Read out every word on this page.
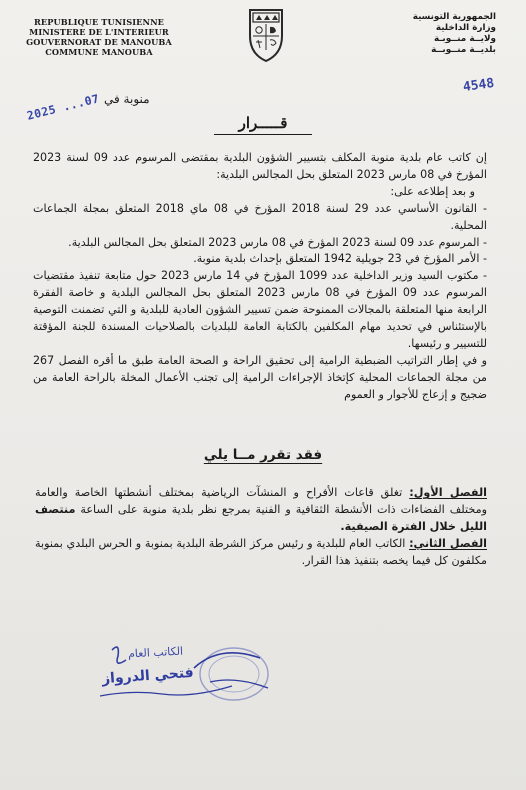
REPUBLIQUE TUNISIENNE
MINISTERE DE L'INTERIEUR
GOUVERNORAT DE MANOUBA
COMMUNE MANOUBA
الجمهورية التونسية
وزارة الداخلية
ولايــة منــوبـة
بلديــة منــوبــة
2025 ...07 منوبة في
4548
قـــــرار

إن كاتب عام بلدية منوبة المكلف بتسيير الشؤون البلدية بمقتضى المرسوم عدد 09 لسنة 2023 المؤرخ في 08 مارس 2023 المتعلق بحل المجالس البلدية:

و بعد إطلاعه على:

- القانون الأساسي عدد 29 لسنة 2018 المؤرخ في 08 ماي 2018 المتعلق بمجلة الجماعات المحلية.

- المرسوم عدد 09 لسنة 2023 المؤرخ في 08 مارس 2023 المتعلق بحل المجالس البلدية.

- الأمر المؤرخ في 23 جويلية 1942 المتعلق بإحداث بلدية منوبة.

- مكتوب السيد وزير الداخلية عدد 1099 المؤرخ في 14 مارس 2023 حول متابعة تنفيذ مقتضيات المرسوم عدد 09 المؤرخ في 08 مارس 2023 المتعلق بحل المجالس البلدية و خاصة الفقرة الرابعة منها المتعلقة بالمجالات الممنوحة ضمن تسيير الشؤون العادية للبلدية و التي تضمنت التوصية بالإستئناس في تحديد مهام المكلفين بالكتابة العامة للبلديات بالصلاحيات المسندة للجنة المؤقتة للتسيير و رئيسها.

و في إطار التراتيب الضبطية الرامية إلى تحقيق الراحة و الصحة العامة طبق ما أقره الفصل 267 من مجلة الجماعات المحلية كإتخاذ الإجراءات الرامية إلى تجنب الأعمال المخلة بالراحة العامة من ضجيج و إزعاج للأجوار و العموم

فقد تقرر مــا يلي

الفصل الأول: تغلق قاعات الأفراح و المنشآت الرياضية بمختلف أنشطتها الخاصة والعامة ومختلف الفضاءات ذات الأنشطة الثقافية و الفنية بمرجع نظر بلدية منوبة على الساعة منتصف الليل خلال الفترة الصيفية.

الفصل الثاني: الكاتب العام للبلدية و رئيس مركز الشرطة البلدية بمنوبة و الحرس البلدي بمنوبة مكلفون كل فيما يخصه بتنفيذ هذا القرار.

الكاتب العام
فتحي الدرواز
